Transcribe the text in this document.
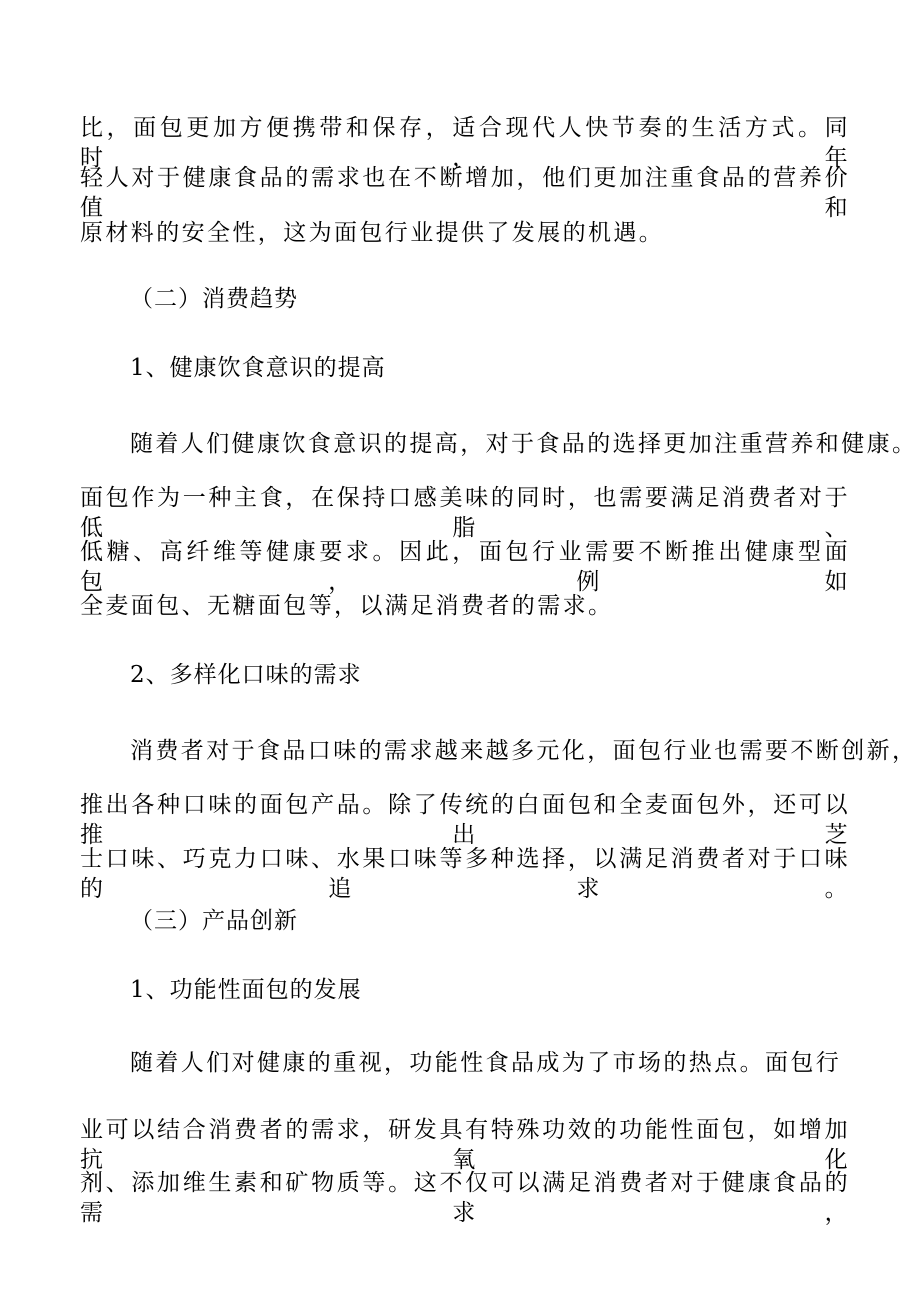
比，面包更加方便携带和保存，适合现代人快节奏的生活方式。同时，年
轻人对于健康食品的需求也在不断增加，他们更加注重食品的营养价值和
原材料的安全性，这为面包行业提供了发展的机遇。
（二）消费趋势
1、健康饮食意识的提高
随着人们健康饮食意识的提高，对于食品的选择更加注重营养和健康。
面包作为一种主食，在保持口感美味的同时，也需要满足消费者对于低脂、
低糖、高纤维等健康要求。因此，面包行业需要不断推出健康型面包，例如
全麦面包、无糖面包等，以满足消费者的需求。
2、多样化口味的需求
消费者对于食品口味的需求越来越多元化，面包行业也需要不断创新，
推出各种口味的面包产品。除了传统的白面包和全麦面包外，还可以推出芝
士口味、巧克力口味、水果口味等多种选择，以满足消费者对于口味的追求。
（三）产品创新
1、功能性面包的发展
随着人们对健康的重视，功能性食品成为了市场的热点。面包行
业可以结合消费者的需求，研发具有特殊功效的功能性面包，如增加抗氧化
剂、添加维生素和矿物质等。这不仅可以满足消费者对于健康食品的需求，
